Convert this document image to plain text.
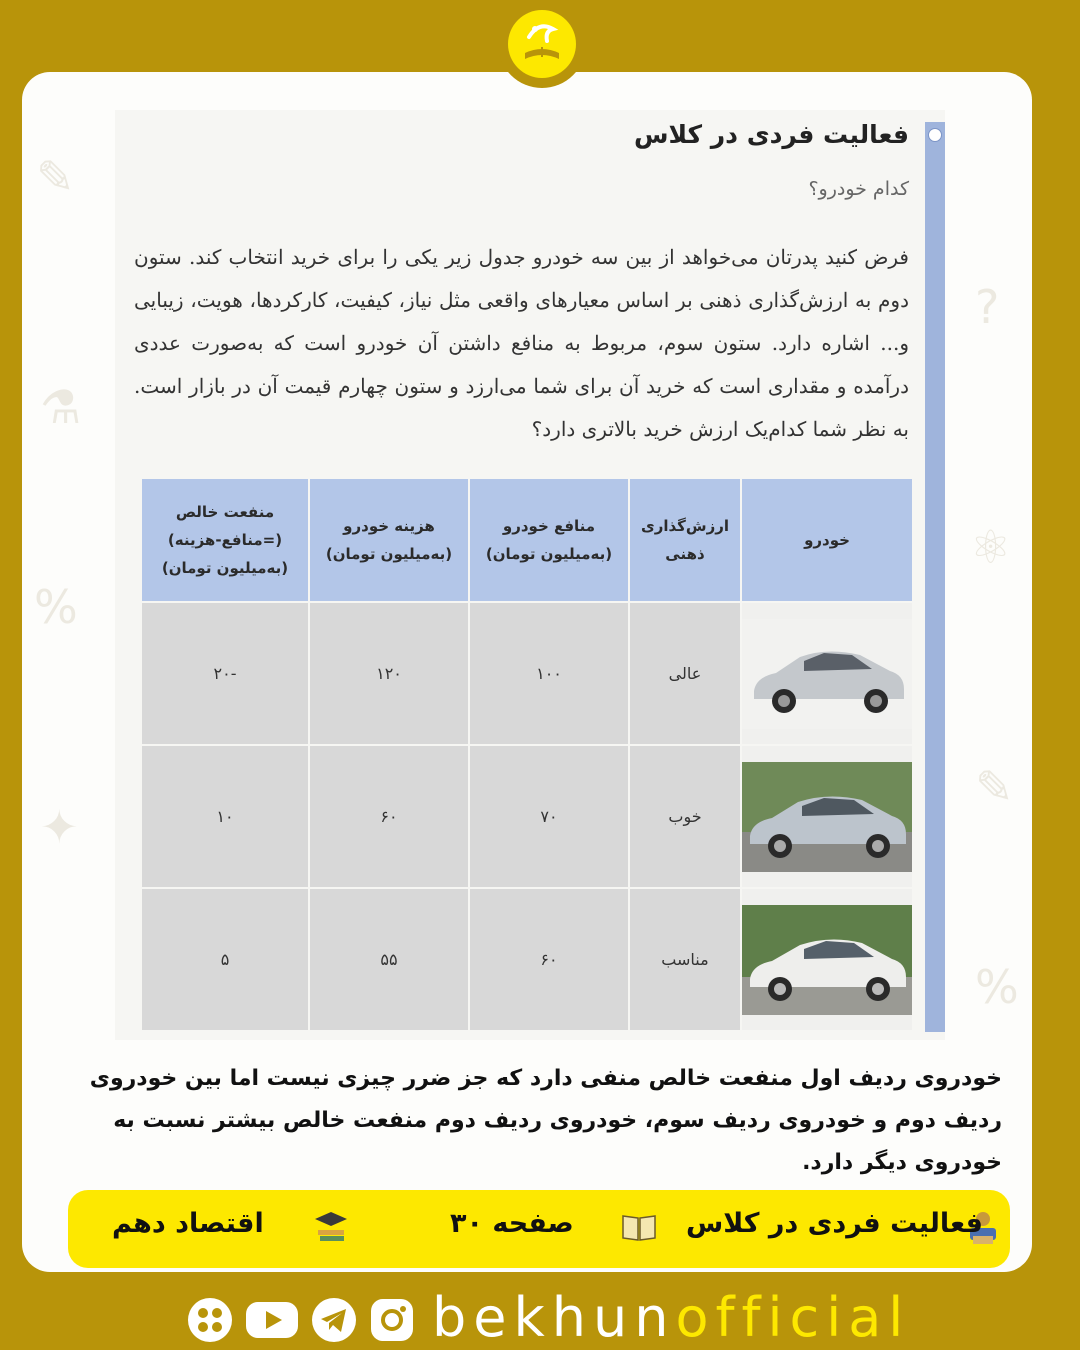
✎
⚗
%
✦
?
⚛
✎
%
فعالیت فردی در کلاس
کدام خودرو؟

فرض کنید پدرتان می‌خواهد از بین سه خودرو جدول زیر یکی را برای خرید انتخاب کند. ستون دوم به ارزش‌گذاری ذهنی بر اساس معیارهای واقعی مثل نیاز، کیفیت، کارکردها، هویت، زیبایی و... اشاره دارد. ستون سوم، مربوط به منافع داشتن آن خودرو است که به‌صورت عددی درآمده و مقداری است که خرید آن برای شما می‌ارزد و ستون چهارم قیمت آن در بازار است. به نظر شما کدام‌یک ارزش خرید بالاتری دارد؟

خودرو	ارزش‌گذاری ذهنی	منافع خودرو (به‌میلیون تومان)	هزینه خودرو (به‌میلیون تومان)	منفعت خالص (=منافع-هزینه) (به‌میلیون تومان)

	عالی	۱۰۰	۱۲۰	-۲۰

	خوب	۷۰	۶۰	۱۰

	مناسب	۶۰	۵۵	۵

خودروی ردیف اول منفعت خالص منفی دارد که جز ضرر چیزی نیست اما بین خودروی ردیف دوم و خودروی ردیف سوم، خودروی ردیف دوم منفعت خالص بیشتر نسبت به خودروی دیگر دارد.

فعالیت فردی در کلاس
صفحه ۳۰
اقتصاد دهم
bekhunofficial
